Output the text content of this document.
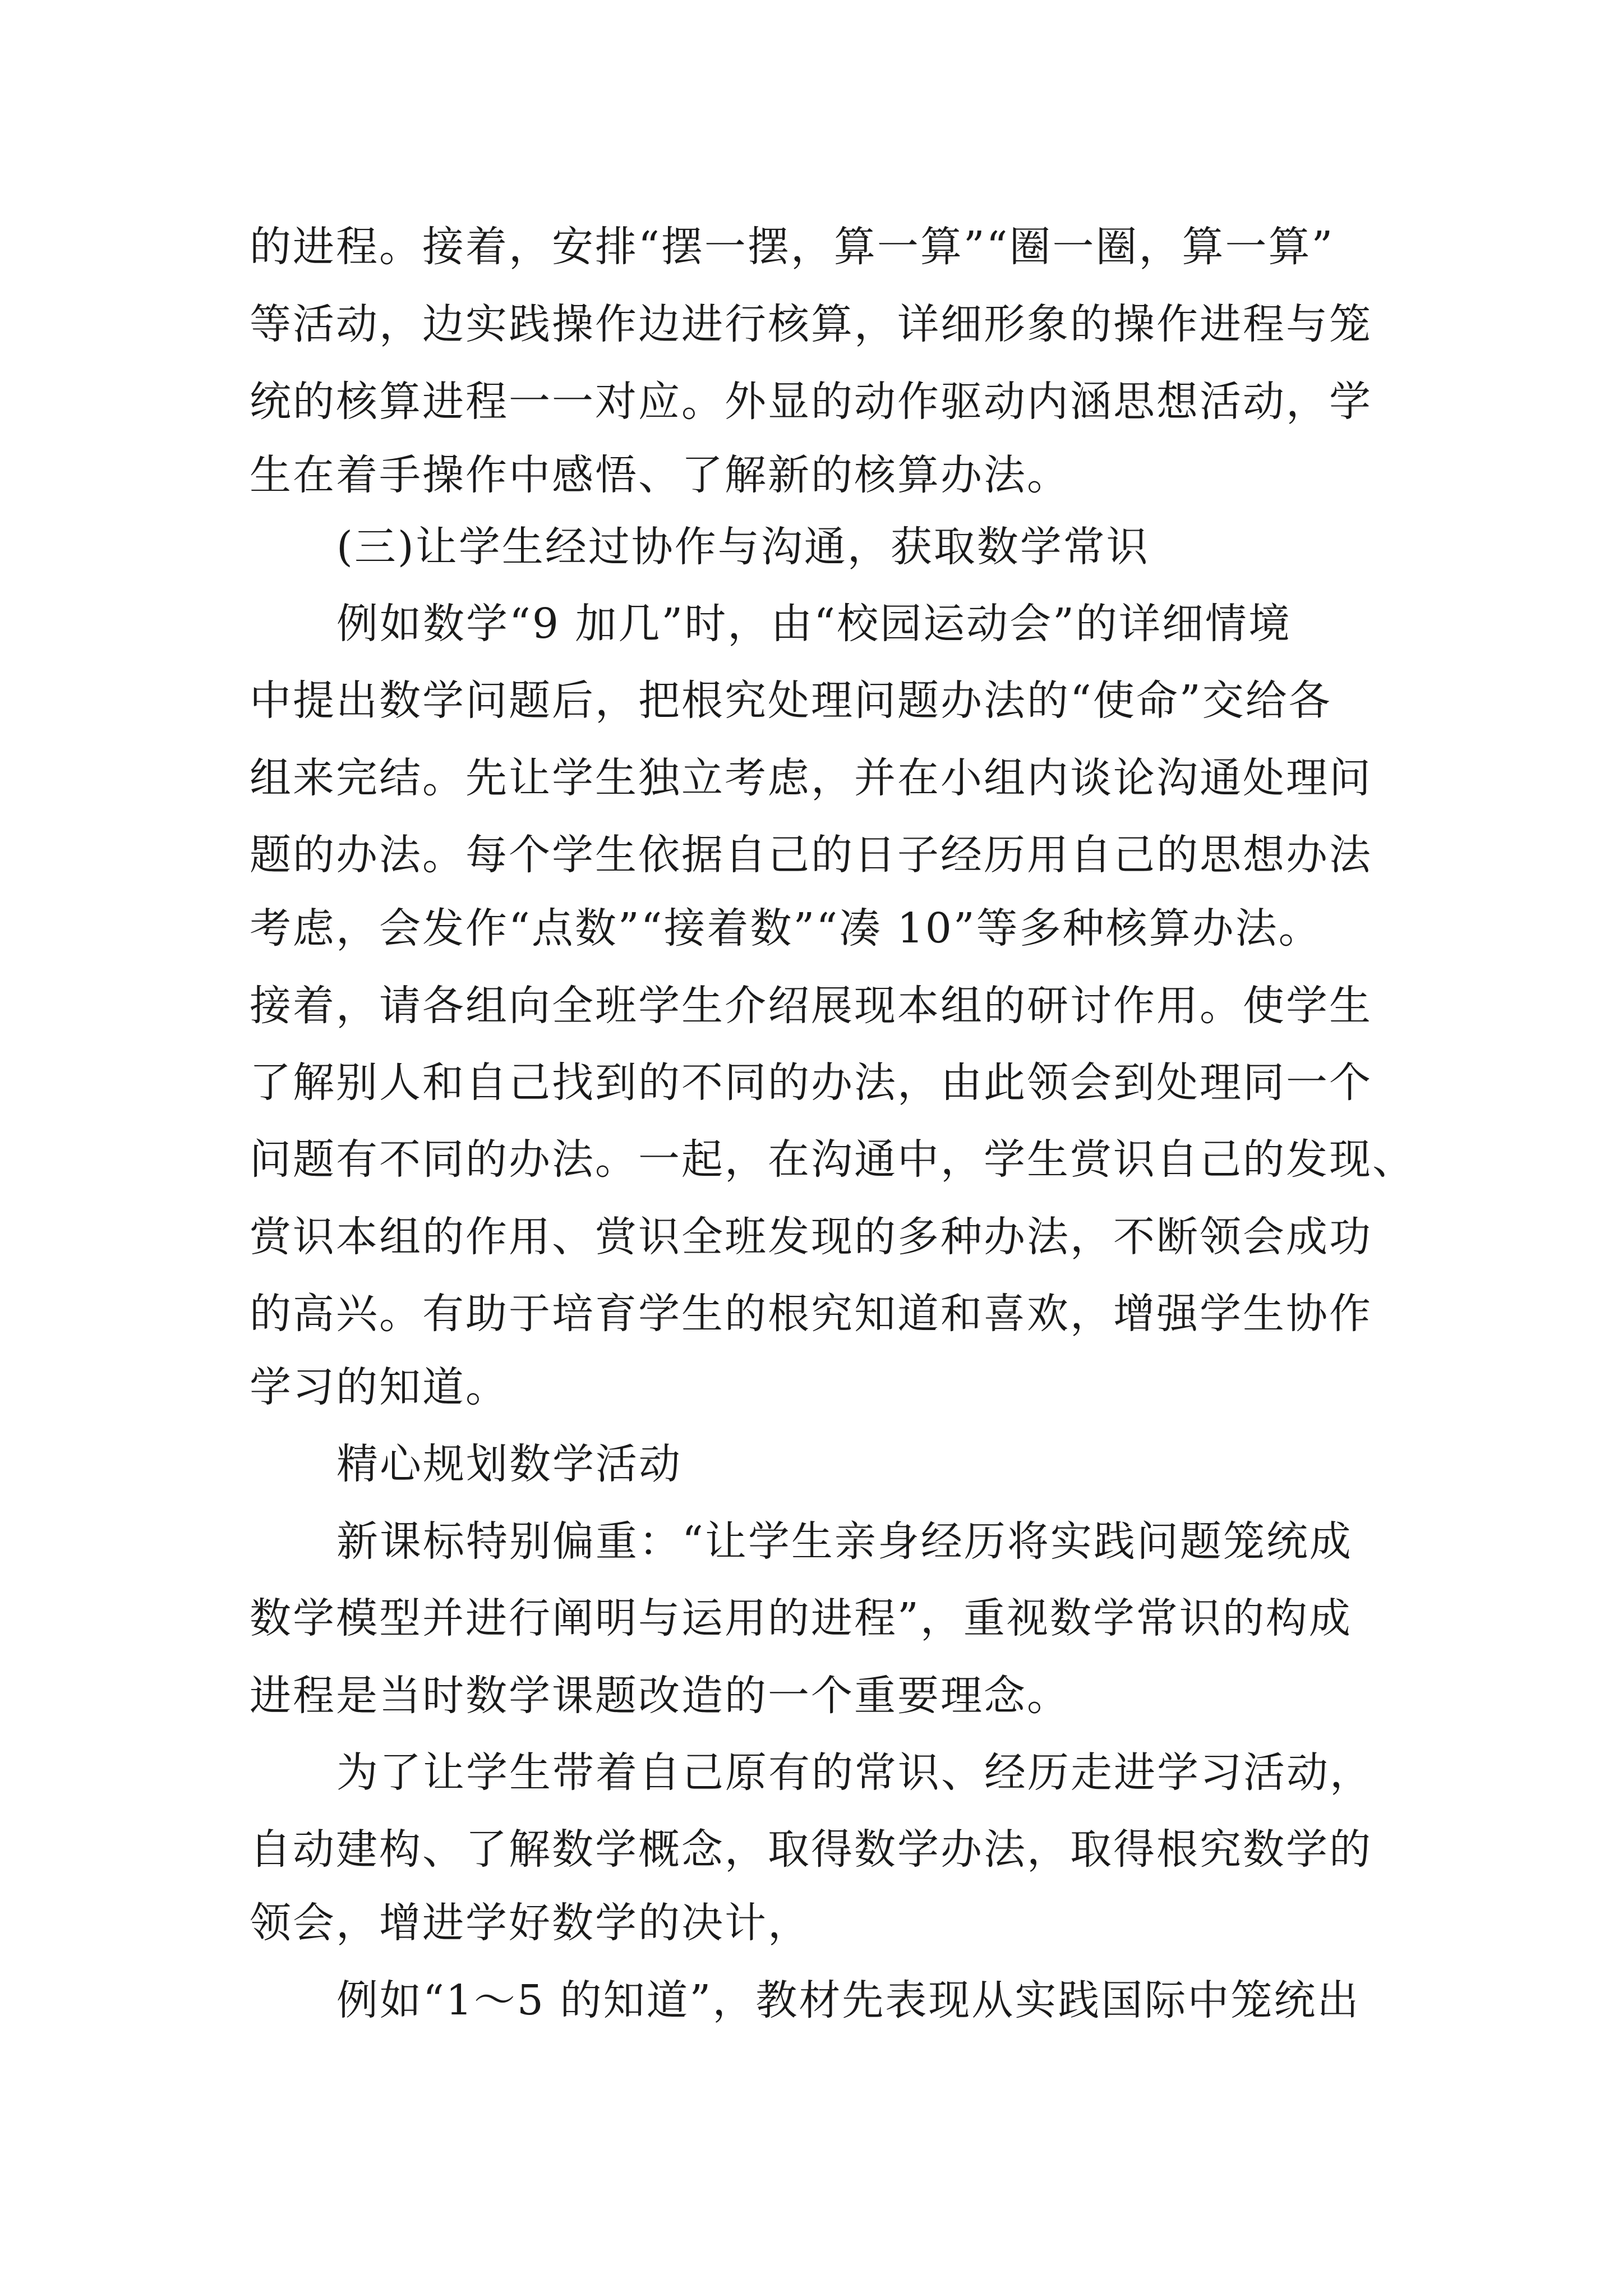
的进程。接着，安排“摆一摆，算一算”“圈一圈，算一算”
等活动，边实践操作边进行核算，详细形象的操作进程与笼
统的核算进程一一对应。外显的动作驱动内涵思想活动，学
生在着手操作中感悟、了解新的核算办法。
(三)让学生经过协作与沟通，获取数学常识
例如数学“9 加几”时，由“校园运动会”的详细情境
中提出数学问题后，把根究处理问题办法的“使命”交给各
组来完结。先让学生独立考虑，并在小组内谈论沟通处理问
题的办法。每个学生依据自己的日子经历用自己的思想办法
考虑，会发作“点数”“接着数”“凑 10”等多种核算办法。
接着，请各组向全班学生介绍展现本组的研讨作用。使学生
了解别人和自己找到的不同的办法，由此领会到处理同一个
问题有不同的办法。一起，在沟通中，学生赏识自己的发现、
赏识本组的作用、赏识全班发现的多种办法，不断领会成功
的高兴。有助于培育学生的根究知道和喜欢，增强学生协作
学习的知道。
精心规划数学活动
新课标特别偏重：“让学生亲身经历将实践问题笼统成
数学模型并进行阐明与运用的进程”，重视数学常识的构成
进程是当时数学课题改造的一个重要理念。
为了让学生带着自己原有的常识、经历走进学习活动，
自动建构、了解数学概念，取得数学办法，取得根究数学的
领会，增进学好数学的决计，
例如“1～5 的知道”，教材先表现从实践国际中笼统出
